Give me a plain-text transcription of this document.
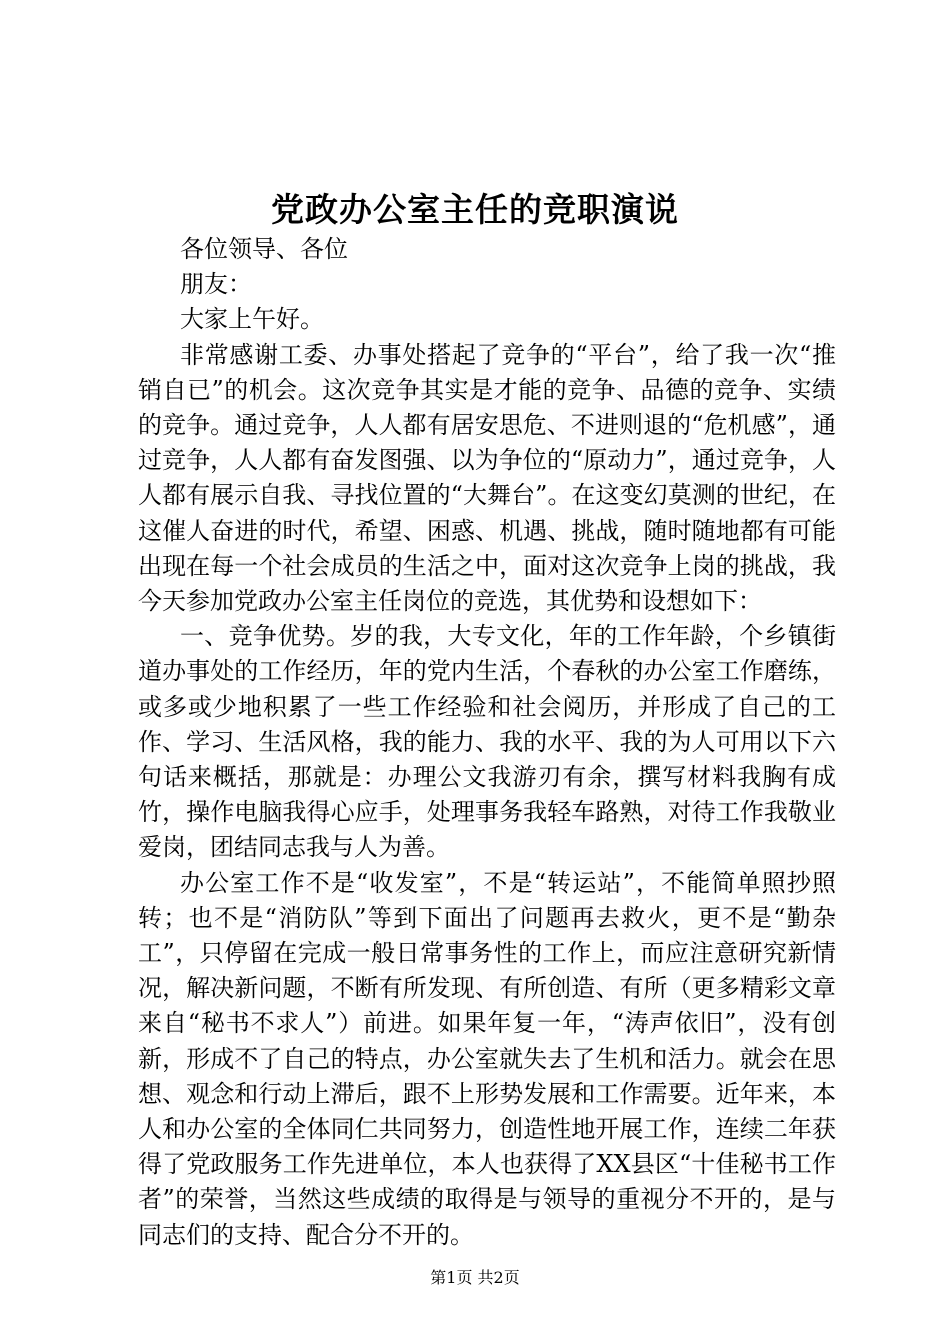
党政办公室主任的竞职演说
各位领导、各位
朋友：
大家上午好。

非常感谢工委、办事处搭起了竞争的“平台”，给了我一次“推销自已”的机会。这次竞争其实是才能的竞争、品德的竞争、实绩的竞争。通过竞争，人人都有居安思危、不进则退的“危机感”，通过竞争，人人都有奋发图强、以为争位的“原动力”，通过竞争，人人都有展示自我、寻找位置的“大舞台”。在这变幻莫测的世纪，在这催人奋进的时代，希望、困惑、机遇、挑战，随时随地都有可能出现在每一个社会成员的生活之中，面对这次竞争上岗的挑战，我今天参加党政办公室主任岗位的竞选，其优势和设想如下：

一、竞争优势。岁的我，大专文化，年的工作年龄，个乡镇街道办事处的工作经历，年的党内生活，个春秋的办公室工作磨练，或多或少地积累了一些工作经验和社会阅历，并形成了自己的工作、学习、生活风格，我的能力、我的水平、我的为人可用以下六句话来概括，那就是：办理公文我游刃有余，撰写材料我胸有成竹，操作电脑我得心应手，处理事务我轻车路熟，对待工作我敬业爱岗，团结同志我与人为善。

办公室工作不是“收发室”，不是“转运站”，不能简单照抄照转；也不是“消防队”等到下面出了问题再去救火，更不是“勤杂工”，只停留在完成一般日常事务性的工作上，而应注意研究新情况，解决新问题，不断有所发现、有所创造、有所（更多精彩文章来自“秘书不求人”）前进。如果年复一年，“涛声依旧”，没有创新，形成不了自己的特点，办公室就失去了生机和活力。就会在思想、观念和行动上滞后，跟不上形势发展和工作需要。近年来，本人和办公室的全体同仁共同努力，创造性地开展工作，连续二年获得了党政服务工作先进单位，本人也获得了XX县区“十佳秘书工作者”的荣誉，当然这些成绩的取得是与领导的重视分不开的，是与同志们的支持、配合分不开的。

第1页 共2页
